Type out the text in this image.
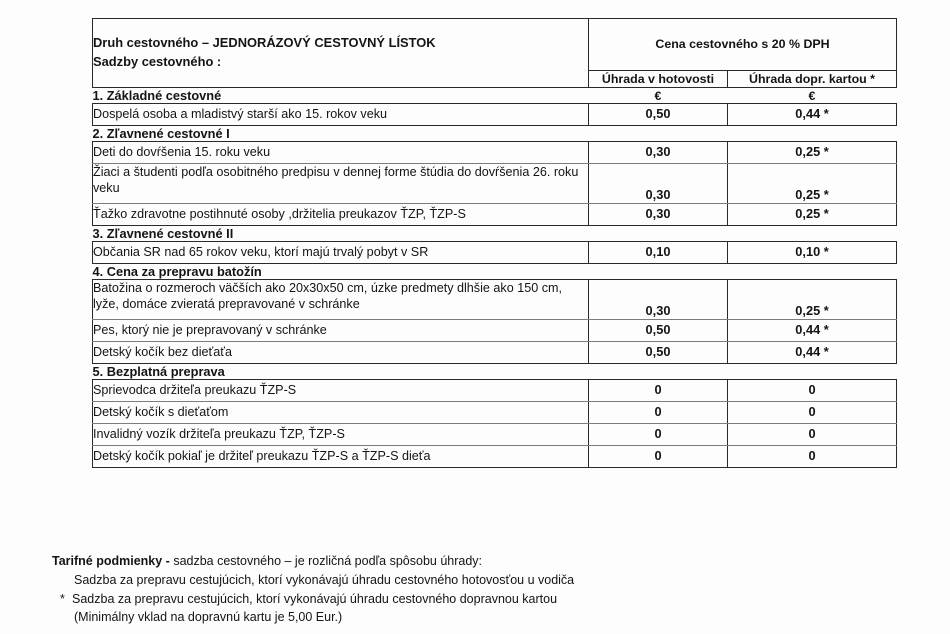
Druh cestovného – JEDNORÁZOVÝ CESTOVNÝ LÍSTOK
Sadzby cestovného :	Cena cestovného s 20 % DPH	
	Úhrada v hotovosti	Úhrada dopr. kartou *
1. Základné cestovné	€	€
Dospelá osoba a mladistvý starší ako 15. rokov veku	0,50	0,44 *
2. Zľavnené cestovné I		
Deti do dovŕšenia 15. roku veku	0,30	0,25 *
Žiaci a študenti podľa osobitného predpisu v dennej forme štúdia do dovŕšenia 26. roku veku	0,30	0,25 *
Ťažko zdravotne postihnuté osoby ,držitelia preukazov ŤZP, ŤZP-S	0,30	0,25 *
3. Zľavnené cestovné II		
Občania SR nad 65 rokov veku, ktorí majú trvalý pobyt v SR	0,10	0,10 *
4. Cena za prepravu batožín		
Batožina o rozmeroch väčších ako 20x30x50 cm, úzke predmety dlhšie ako 150 cm, lyže, domáce zvieratá prepravované v schránke	0,30	0,25 *
Pes, ktorý nie je prepravovaný v schránke	0,50	0,44 *
Detský kočík bez dieťaťa	0,50	0,44 *
5. Bezplatná preprava		
Sprievodca držiteľa preukazu ŤZP-S	0	0
Detský kočík s dieťaťom	0	0
Invalidný vozík držiteľa preukazu ŤZP, ŤZP-S	0	0
Detský kočík pokiaľ je držiteľ preukazu ŤZP-S a ŤZP-S dieťa	0	0
Tarifné podmienky - sadzba cestovného – je rozličná podľa spôsobu úhrady:
Sadzba za prepravu cestujúcich, ktorí vykonávajú úhradu cestovného hotovosťou u vodiča
* Sadzba za prepravu cestujúcich, ktorí vykonávajú úhradu cestovného dopravnou kartou
(Minimálny vklad na dopravnú kartu je 5,00 Eur.)
